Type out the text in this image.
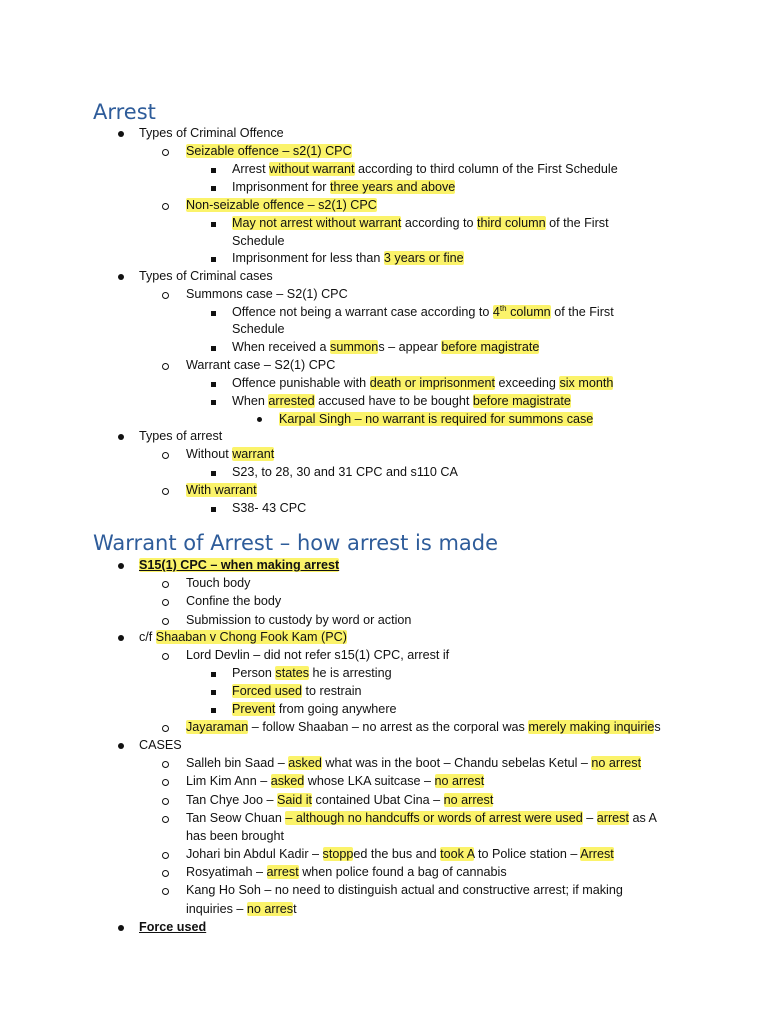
Arrest
Types of Criminal Offence
Seizable offence – s2(1) CPC
Arrest without warrant according to third column of the First Schedule
Imprisonment for three years and above
Non-seizable offence – s2(1) CPC
May not arrest without warrant according to third column of the First
Schedule
Imprisonment for less than 3 years or fine
Types of Criminal cases
Summons case – S2(1) CPC
Offence not being a warrant case according to 4th column of the First
Schedule
When received a summons – appear before magistrate
Warrant case – S2(1) CPC
Offence punishable with death or imprisonment exceeding six month
When arrested accused have to be bought before magistrate
Karpal Singh – no warrant is required for summons case
Types of arrest
Without warrant
S23, to 28, 30 and 31 CPC and s110 CA
With warrant
S38- 43 CPC
Warrant of Arrest – how arrest is made
S15(1) CPC – when making arrest
Touch body
Confine the body
Submission to custody by word or action
c/f Shaaban v Chong Fook Kam (PC)
Lord Devlin – did not refer s15(1) CPC, arrest if
Person states he is arresting
Forced used to restrain
Prevent from going anywhere
Jayaraman – follow Shaaban – no arrest as the corporal was merely making inquiries
CASES
Salleh bin Saad – asked what was in the boot – Chandu sebelas Ketul – no arrest
Lim Kim Ann – asked whose LKA suitcase – no arrest
Tan Chye Joo – Said it contained Ubat Cina – no arrest
Tan Seow Chuan – although no handcuffs or words of arrest were used – arrest as A
has been brought
Johari bin Abdul Kadir – stopped the bus and took A to Police station – Arrest
Rosyatimah – arrest when police found a bag of cannabis
Kang Ho Soh – no need to distinguish actual and constructive arrest; if making
inquiries – no arrest
Force used
